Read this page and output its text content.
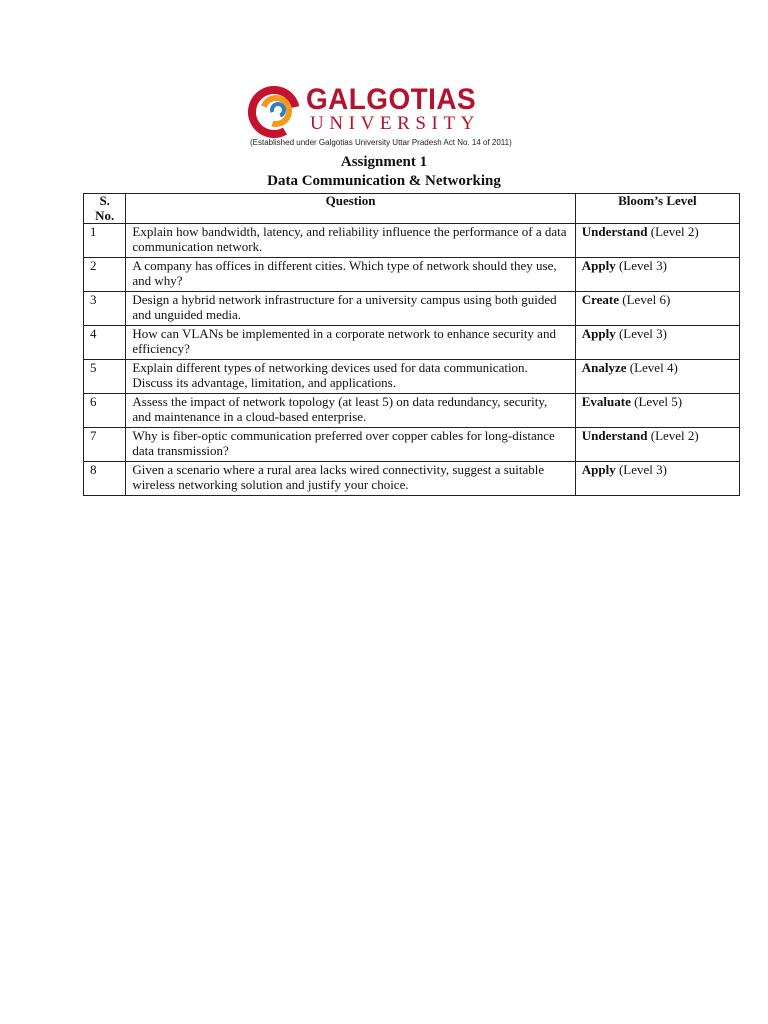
GALGOTIAS
UNIVERSITY
(Established under Galgotias University Uttar Pradesh Act No. 14 of 2011)
Assignment 1
Data Communication & Networking
S. No.	Question	Bloom’s Level
1	Explain how bandwidth, latency, and reliability influence the performance of a data communication network.	Understand (Level 2)
2	A company has offices in different cities. Which type of network should they use, and why?	Apply (Level 3)
3	Design a hybrid network infrastructure for a university campus using both guided and unguided media.	Create (Level 6)
4	How can VLANs be implemented in a corporate network to enhance security and efficiency?	Apply (Level 3)
5	Explain different types of networking devices used for data communication. Discuss its advantage, limitation, and applications.	Analyze (Level 4)
6	Assess the impact of network topology (at least 5) on data redundancy, security, and maintenance in a cloud-based enterprise.	Evaluate (Level 5)
7	Why is fiber-optic communication preferred over copper cables for long-distance data transmission?	Understand (Level 2)
8	Given a scenario where a rural area lacks wired connectivity, suggest a suitable wireless networking solution and justify your choice.	Apply (Level 3)
